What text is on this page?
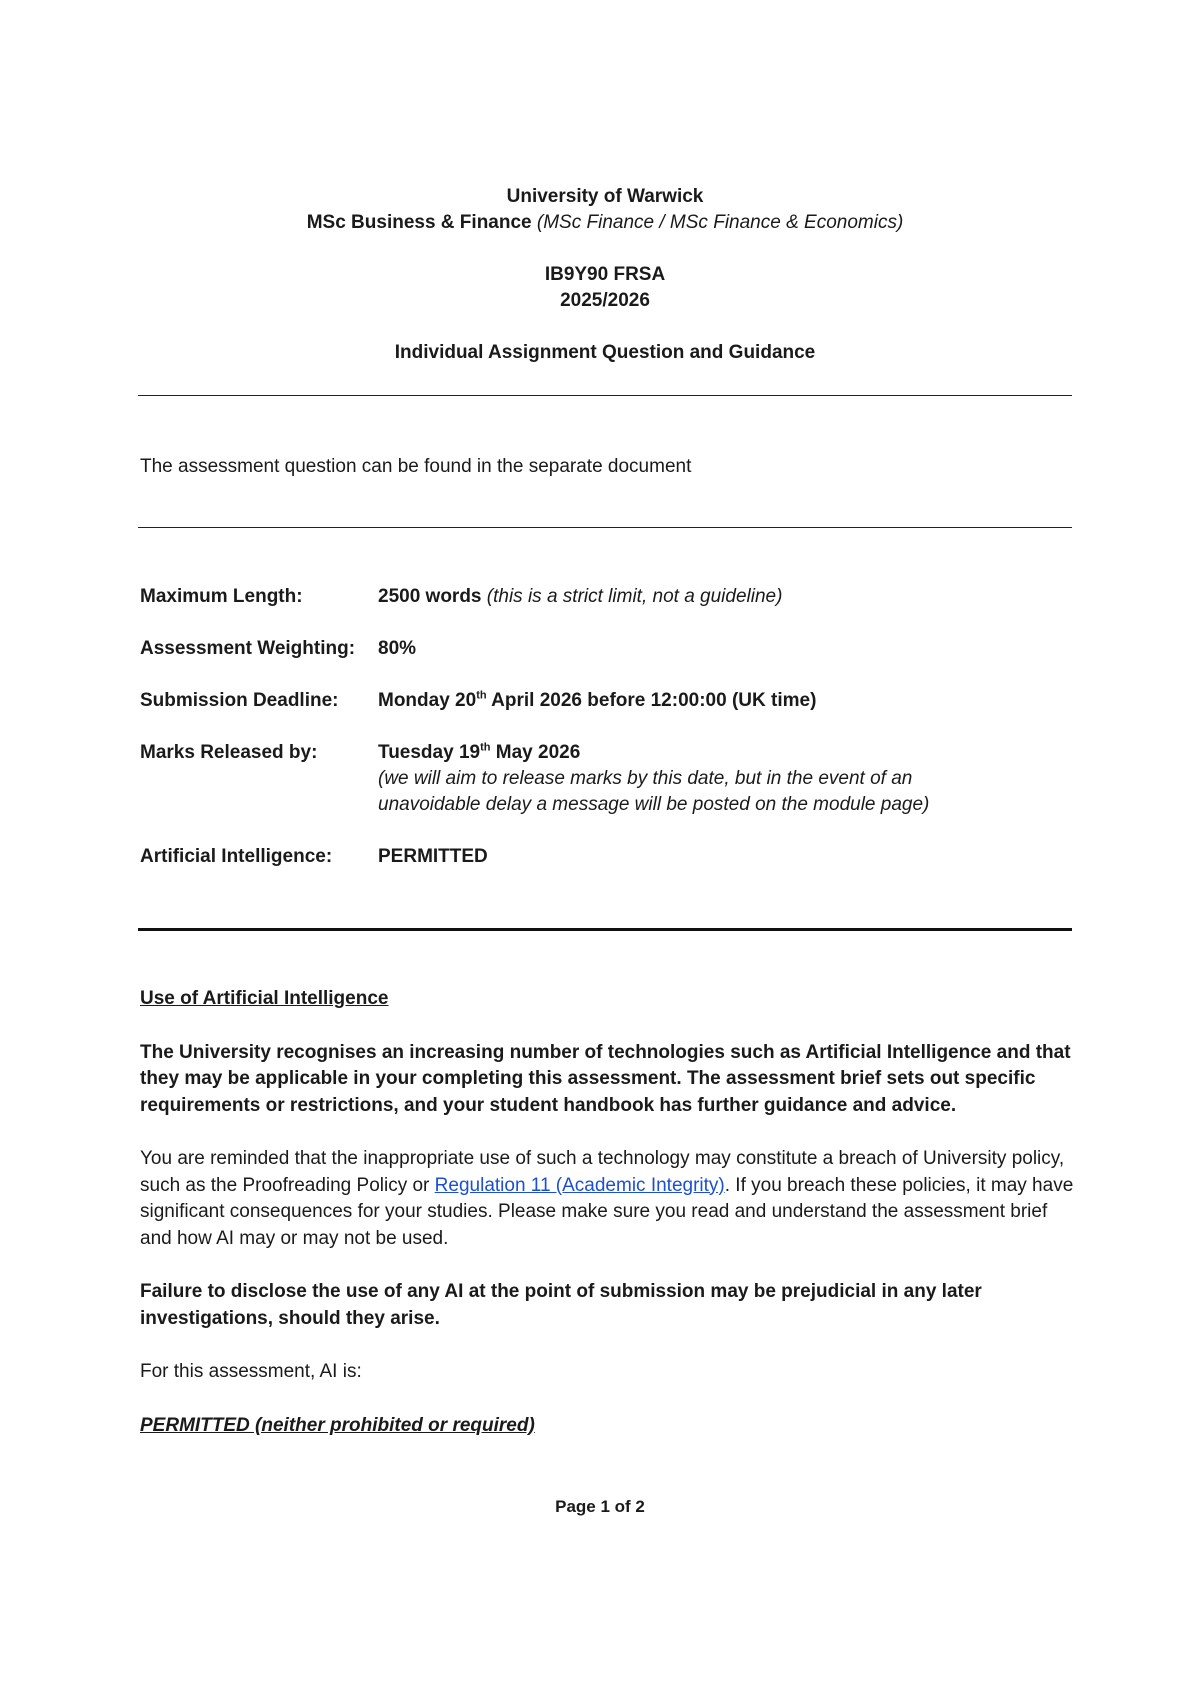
University of Warwick
MSc Business & Finance (MSc Finance / MSc Finance & Economics)
IB9Y90 FRSA
2025/2026
Individual Assignment Question and Guidance
The assessment question can be found in the separate document
Maximum Length:	2500 words (this is a strict limit, not a guideline)
Assessment Weighting:	80%
Submission Deadline:	Monday 20th April 2026 before 12:00:00 (UK time)
Marks Released by:	Tuesday 19th May 2026
(we will aim to release marks by this date, but in the event of an
unavoidable delay a message will be posted on the module page)
Artificial Intelligence:	PERMITTED

Use of Artificial Intelligence

The University recognises an increasing number of technologies such as Artificial Intelligence and that they may be applicable in your completing this assessment. The assessment brief sets out specific requirements or restrictions, and your student handbook has further guidance and advice.

You are reminded that the inappropriate use of such a technology may constitute a breach of University policy, such as the Proofreading Policy or Regulation 11 (Academic Integrity). If you breach these policies, it may have significant consequences for your studies. Please make sure you read and understand the assessment brief and how AI may or may not be used.

Failure to disclose the use of any AI at the point of submission may be prejudicial in any later investigations, should they arise.

For this assessment, AI is:

PERMITTED (neither prohibited or required)

Page 1 of 2
